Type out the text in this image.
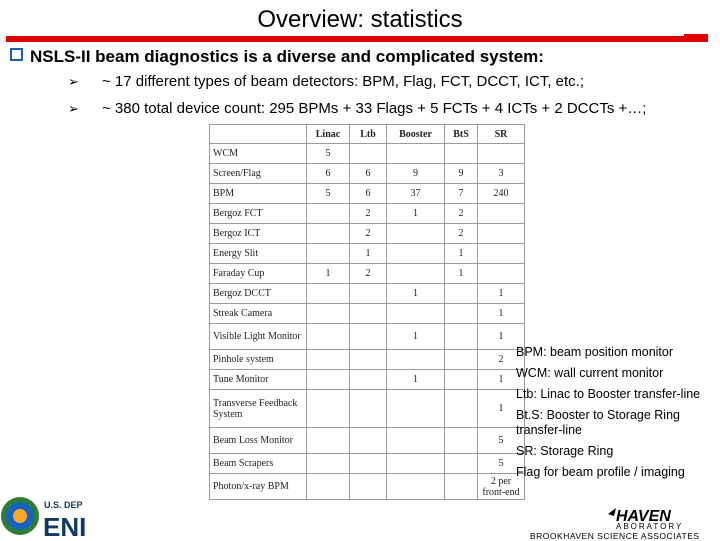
Overview: statistics
NSLS-II beam diagnostics is a diverse and complicated system:
➢ ~ 17 different types of beam detectors: BPM, Flag, FCT, DCCT, ICT, etc.;
➢ ~ 380 total device count: 295 BPMs + 33 Flags + 5 FCTs + 4 ICTs + 2 DCCTs +…;
	Linac	Ltb	Booster	BtS	SR
WCM	5				
Screen/Flag	6	6	9	9	3
BPM	5	6	37	7	240
Bergoz FCT		2	1	2	
Bergoz ICT		2		2	
Energy Slit		1		1	
Faraday Cup	1	2		1	
Bergoz DCCT			1		1
Streak Camera					1
Visible Light Monitor			1		1
Pinhole system					2
Tune Monitor			1		1
Transverse Feedback System					1
Beam Loss Monitor					5
Beam Scrapers					5
Photon/x-ray BPM					2 per front-end
BPM: beam position monitor
WCM: wall current monitor
Ltb: Linac to Booster transfer-line
Bt.S: Booster to Storage Ring transfer-line
SR: Storage Ring
Flag for beam profile / imaging
U.S. DEP
ENI	HAVEN
ABORATORY
BROOKHAVEN SCIENCE ASSOCIATES
